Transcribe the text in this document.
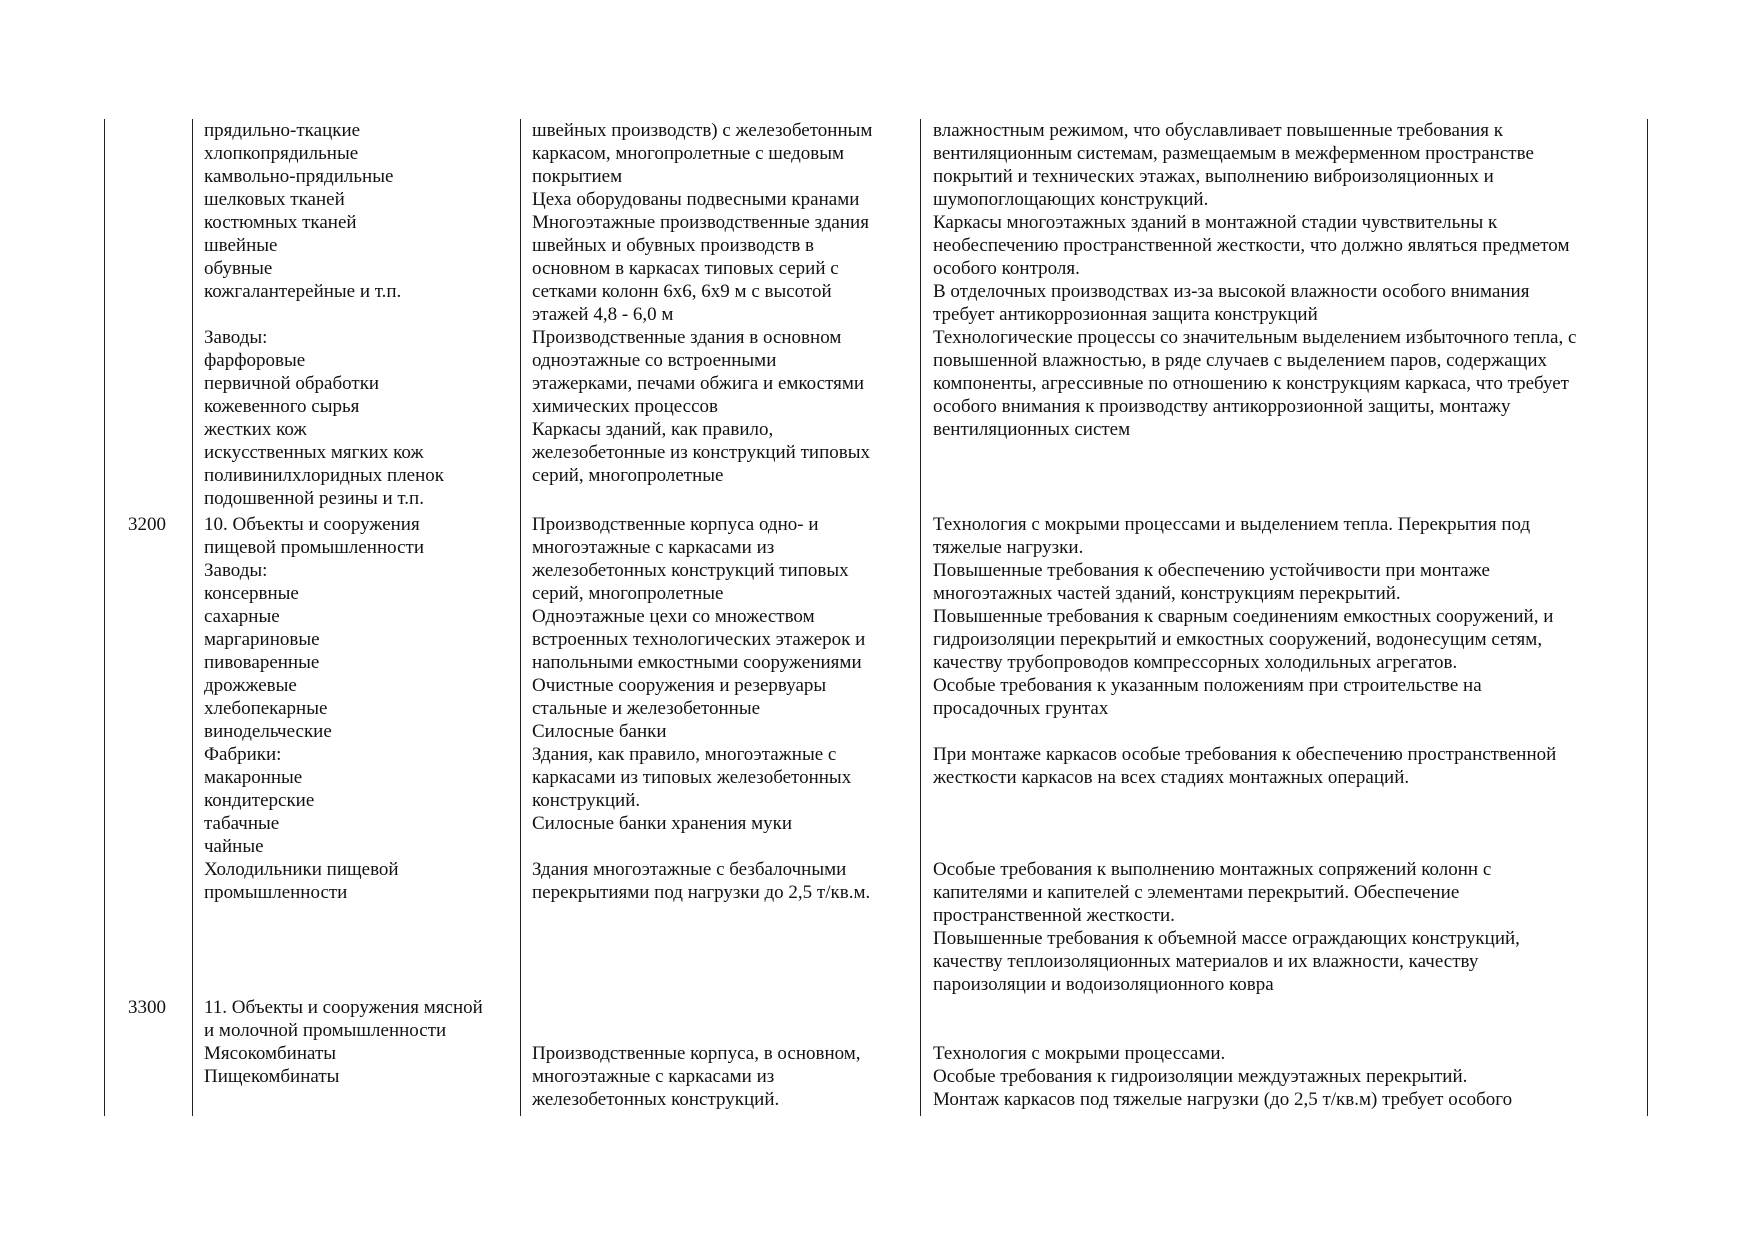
3200
3300
прядильно-ткацкие
хлопкопрядильные
камвольно-прядильные
шелковых тканей
костюмных тканей
швейные
обувные
кожгалантерейные и т.п.
швейных производств) с железобетонным
каркасом, многопролетные с шедовым
покрытием
Цеха оборудованы подвесными кранами
Многоэтажные производственные здания
швейных и обувных производств в
основном в каркасах типовых серий с
сетками колонн 6х6, 6х9 м с высотой
этажей 4,8 - 6,0 м
влажностным режимом, что обуславливает повышенные требования к
вентиляционным системам, размещаемым в межферменном пространстве
покрытий и технических этажах, выполнению виброизоляционных и
шумопоглощающих конструкций.
Каркасы многоэтажных зданий в монтажной стадии чувствительны к
необеспечению пространственной жесткости, что должно являться предметом
особого контроля.
В отделочных производствах из-за высокой влажности особого внимания
требует антикоррозионная защита конструкций
Заводы:
фарфоровые
первичной обработки
кожевенного сырья
жестких кож
искусственных мягких кож
поливинилхлоридных пленок
подошвенной резины и т.п.
Производственные здания в основном
одноэтажные со встроенными
этажерками, печами обжига и емкостями
химических процессов
Каркасы зданий, как правило,
железобетонные из конструкций типовых
серий, многопролетные
Технологические процессы со значительным выделением избыточного тепла, с
повышенной влажностью, в ряде случаев с выделением паров, содержащих
компоненты, агрессивные по отношению к конструкциям каркаса, что требует
особого внимания к производству антикоррозионной защиты, монтажу
вентиляционных систем
10. Объекты и сооружения
пищевой промышленности
Заводы:
консервные
сахарные
маргариновые
пивоваренные
дрожжевые
хлебопекарные
винодельческие
Фабрики:
макаронные
кондитерские
табачные
чайные
Производственные корпуса одно- и
многоэтажные с каркасами из
железобетонных конструкций типовых
серий, многопролетные
Одноэтажные цехи со множеством
встроенных технологических этажерок и
напольными емкостными сооружениями
Очистные сооружения и резервуары
стальные и железобетонные
Силосные банки
Здания, как правило, многоэтажные с
каркасами из типовых железобетонных
конструкций.
Силосные банки хранения муки
Технология с мокрыми процессами и выделением тепла. Перекрытия под
тяжелые нагрузки.
Повышенные требования к обеспечению устойчивости при монтаже
многоэтажных частей зданий, конструкциям перекрытий.
Повышенные требования к сварным соединениям емкостных сооружений, и
гидроизоляции перекрытий и емкостных сооружений, водонесущим сетям,
качеству трубопроводов компрессорных холодильных агрегатов.
Особые требования к указанным положениям при строительстве на
просадочных грунтах

При монтаже каркасов особые требования к обеспечению пространственной
жесткости каркасов на всех стадиях монтажных операций.
Холодильники пищевой
промышленности
Здания многоэтажные с безбалочными
перекрытиями под нагрузки до 2,5 т/кв.м.
Особые требования к выполнению монтажных сопряжений колонн с
капителями и капителей с элементами перекрытий. Обеспечение
пространственной жесткости.
Повышенные требования к объемной массе ограждающих конструкций,
качеству теплоизоляционных материалов и их влажности, качеству
пароизоляции и водоизоляционного ковра
11. Объекты и сооружения мясной
и молочной промышленности
Мясокомбинаты
Пищекомбинаты
Производственные корпуса, в основном,
многоэтажные с каркасами из
железобетонных конструкций.
Технология с мокрыми процессами.
Особые требования к гидроизоляции междуэтажных перекрытий.
Монтаж каркасов под тяжелые нагрузки (до 2,5 т/кв.м) требует особого
